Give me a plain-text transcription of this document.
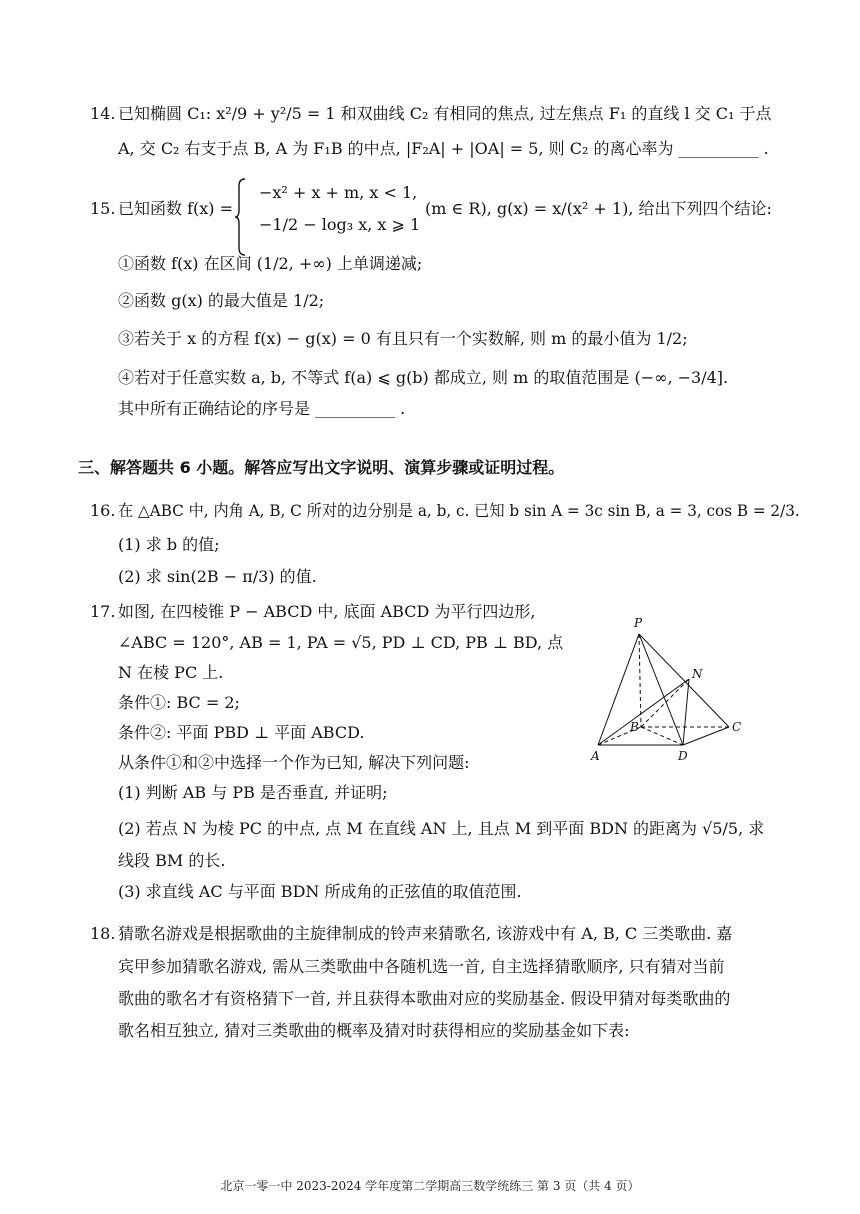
14. 已知椭圆 C₁: x²/9 + y²/5 = 1 和双曲线 C₂ 有相同的焦点, 过左焦点 F₁ 的直线 l 交 C₁ 于点
A, 交 C₂ 右支于点 B, A 为 F₁B 的中点, |F₂A| + |OA| = 5, 则 C₂ 的离心率为 __________ .
15. 已知函数 f(x) =
−x² + x + m, x < 1,
−1/2 − log₃ x, x ⩾ 1
(m ∈ R), g(x) = x/(x² + 1), 给出下列四个结论:
①函数 f(x) 在区间 (1/2, +∞) 上单调递减;
②函数 g(x) 的最大值是 1/2;
③若关于 x 的方程 f(x) − g(x) = 0 有且只有一个实数解, 则 m 的最小值为 1/2;
④若对于任意实数 a, b, 不等式 f(a) ⩽ g(b) 都成立, 则 m 的取值范围是 (−∞, −3/4].
其中所有正确结论的序号是 __________ .
三、解答题共 6 小题。解答应写出文字说明、演算步骤或证明过程。
16. 在 △ABC 中, 内角 A, B, C 所对的边分别是 a, b, c. 已知 b sin A = 3c sin B, a = 3, cos B = 2/3.
(1) 求 b 的值;
(2) 求 sin(2B − π/3) 的值.
17. 如图, 在四棱锥 P − ABCD 中, 底面 ABCD 为平行四边形,
∠ABC = 120°, AB = 1, PA = √5, PD ⊥ CD, PB ⊥ BD, 点
N 在棱 PC 上.
条件①: BC = 2;
条件②: 平面 PBD ⊥ 平面 ABCD.
从条件①和②中选择一个作为已知, 解决下列问题:
(1) 判断 AB 与 PB 是否垂直, 并证明;
(2) 若点 N 为棱 PC 的中点, 点 M 在直线 AN 上, 且点 M 到平面 BDN 的距离为 √5/5, 求
线段 BM 的长.
(3) 求直线 AC 与平面 BDN 所成角的正弦值的取值范围.
P
N
B	C
A	D
18. 猜歌名游戏是根据歌曲的主旋律制成的铃声来猜歌名, 该游戏中有 A, B, C 三类歌曲. 嘉
宾甲参加猜歌名游戏, 需从三类歌曲中各随机选一首, 自主选择猜歌顺序, 只有猜对当前
歌曲的歌名才有资格猜下一首, 并且获得本歌曲对应的奖励基金. 假设甲猜对每类歌曲的
歌名相互独立, 猜对三类歌曲的概率及猜对时获得相应的奖励基金如下表:
北京一零一中 2023-2024 学年度第二学期高三数学统练三 第 3 页（共 4 页）
